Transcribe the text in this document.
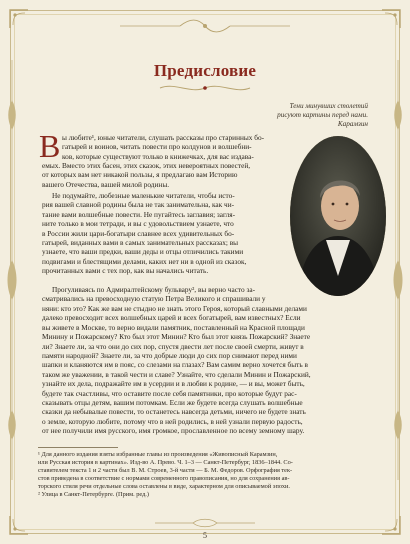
Предисловие
Тени минувших столетий
рисуют картины перед нами.
Карамзин
В ы любите¹, юные читатели, слушать рассказы про старинных бо-
гатырей и воинов, читать повести про колдунов и волшебни-
ков, которые существуют только в книжечках, для вас издава-
емых. Вместо этих басен, этих сказок, этих невероятных повестей,
от которых вам нет никакой пользы, я предлагаю вам Историю
вашего Отечества, вашей милой родины.
Не подумайте, любезные маленькие читатели, чтобы исто-
рия вашей славной родины была не так занимательна, как чи-
тание вами волшебные повести. Не пугайтесь заглавия; загля-
ните только в мои тетради, и вы с удовольствием узнаете, что
в России жили цари-богатыри славнее всех удивительных бо-
гатырей, виданных вами в самых занимательных рассказах; вы
узнаете, что ваши предки, ваши деды и отцы отличились такими
подвигами и блестящими делами, каких нет ни в одной из сказок,
прочитанных вами с тех пор, как вы начались читать.
Прогуливаясь по Адмиралтейскому бульвару², вы верно часто за-
сматривались на превосходную статую Петра Великого и спрашивали у
няни: кто это? Как же вам не стыдно не знать этого Героя, который славными делами
далеко превосходит всех волшебных царей и всех богатырей, вам известных? Если
вы живете в Москве, то верно видали памятник, поставленный на Красной площади
Минину и Пожарскому? Кто был этот Минин? Кто был этот князь Пожарский? Знаете
ли? Знаете ли, за что они до сих пор, спустя двести лет после своей смерти, живут в
памяти народной? Знаете ли, за что добрые люди до сих пор снимают перед ними
шапки и кланяются им в пояс, со слезами на глазах? Вам самим верно хочется быть в
таком же уважении, в такой чести и славе? Узнайте, что сделали Минин и Пожарский,
узнайте их дела, подражайте им в усердии и в любви к родине, — и вы, может быть,
будете так счастливы, что оставите после себя памятники, про которые будут рас-
сказывать отцы детям, вашим потомкам. Если же будете всегда слушать волшебные
сказки да небывалые повести, то останетесь навсегда детьми, ничего не будете знать
о земле, которую любите, потому что в ней родились, в ней узнали первую радость,
от нее получили имя русского, имя громкое, прославленное по всему земному шару.
¹ Для данного издания взяты избранные главы из произведения «Живописный Карамзин,
или Русская история в картинах». Изд-во А. Прево. Ч. 1–3 — Санкт-Петербург, 1836–1844. Со-
ставителем текста 1 и 2 части был В. М. Строев, 3-й части — Б. М. Федоров. Орфография тек-
стов приведена в соответствие с нормами современного правописания, но для сохранения ав-
торского стиля речи отдельные слова оставлены в виде, характерном для описываемой эпохи.
² Улица в Санкт-Петербурге. (Прим. ред.)
5
